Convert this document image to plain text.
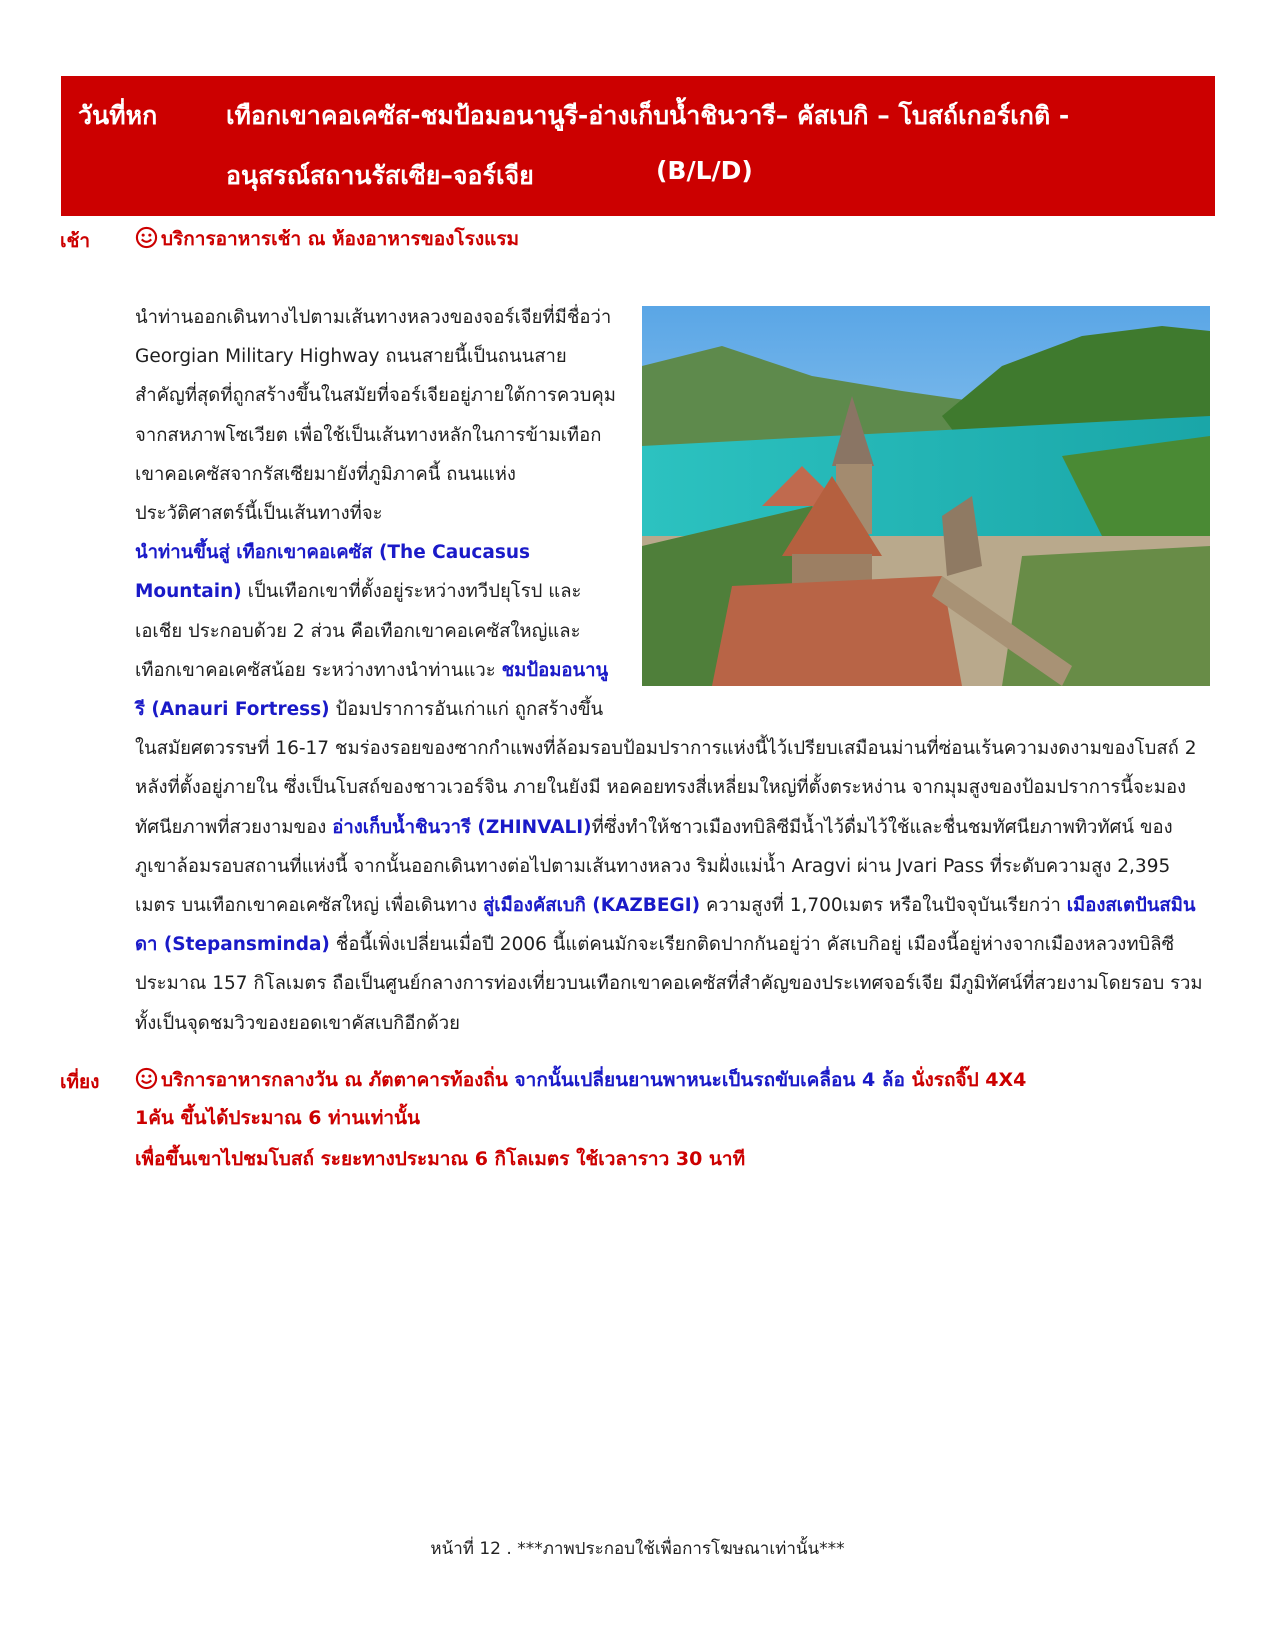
วันที่หก	เทือกเขาคอเคซัส-ชมป้อมอนานูรี-อ่างเก็บน้ำชินวารี– คัสเบกิ – โบสถ์เกอร์เกติ -
อนุสรณ์สถานรัสเซีย–จอร์เจีย	(B/L/D)
เช้า	บริการอาหารเช้า ณ ห้องอาหารของโรงแรม

นำท่านออกเดินทางไปตามเส้นทางหลวงของจอร์เจียที่มีชื่อว่า Georgian Military Highway ถนนสายนี้เป็นถนนสายสำคัญที่สุดที่ถูกสร้างขึ้นในสมัยที่จอร์เจียอยู่ภายใต้การควบคุมจากสหภาพโซเวียต เพื่อใช้เป็นเส้นทางหลักในการข้ามเทือกเขาคอเคซัสจากรัสเซียมายังที่ภูมิภาคนี้ ถนนแห่งประวัติศาสตร์นี้เป็นเส้นทางที่จะ
นำท่านขึ้นสู่ เทือกเขาคอเคซัส (The Caucasus Mountain) เป็นเทือกเขาที่ตั้งอยู่ระหว่างทวีปยุโรป และเอเชีย ประกอบด้วย 2 ส่วน คือเทือกเขาคอเคซัสใหญ่และเทือกเขาคอเคซัสน้อย ระหว่างทางนำท่านแวะ ชมป้อมอนานูรี (Anauri Fortress) ป้อมปราการอันเก่าแก่ ถูกสร้างขึ้นในสมัยศตวรรษที่ 16-17 ชมร่องรอยของซากกำแพงที่ล้อมรอบป้อมปราการแห่งนี้ไว้เปรียบเสมือนม่านที่ซ่อนเร้นความงดงามของโบสถ์ 2 หลังที่ตั้งอยู่ภายใน ซึ่งเป็นโบสถ์ของชาวเวอร์จิน ภายในยังมี หอคอยทรงสี่เหลี่ยมใหญ่ที่ตั้งตระหง่าน จากมุมสูงของป้อมปราการนี้จะมองทัศนียภาพที่สวยงามของ อ่างเก็บน้ำชินวารี (ZHINVALI)ที่ซึ่งทำให้ชาวเมืองทบิลิซีมีน้ำไว้ดื่มไว้ใช้และชื่นชมทัศนียภาพทิวทัศน์ ของภูเขาล้อมรอบสถานที่แห่งนี้ จากนั้นออกเดินทางต่อไปตามเส้นทางหลวง ริมฝั่งแม่น้ำ Aragvi ผ่าน Jvari Pass ที่ระดับความสูง 2,395 เมตร บนเทือกเขาคอเคซัสใหญ่ เพื่อเดินทาง สู่เมืองคัสเบกิ (KAZBEGI) ความสูงที่ 1,700เมตร หรือในปัจจุบันเรียกว่า เมืองสเตปันสมินดา (Stepansminda) ชื่อนี้เพิ่งเปลี่ยนเมื่อปี 2006 นี้แต่คนมักจะเรียกติดปากกันอยู่ว่า คัสเบกิอยู่ เมืองนี้อยู่ห่างจากเมืองหลวงทบิลิซี ประมาณ 157 กิโลเมตร ถือเป็นศูนย์กลางการท่องเที่ยวบนเทือกเขาคอเคซัสที่สำคัญของประเทศจอร์เจีย มีภูมิทัศน์ที่สวยงามโดยรอบ รวมทั้งเป็นจุดชมวิวของยอดเขาคัสเบกิอีกด้วย

เที่ยง	บริการอาหารกลางวัน ณ ภัตตาคารท้องถิ่น จากนั้นเปลี่ยนยานพาหนะเป็นรถขับเคลื่อน 4 ล้อ นั่งรถจิ๊ป 4X4
1คัน ขึ้นได้ประมาณ 6 ท่านเท่านั้น
เพื่อขึ้นเขาไปชมโบสถ์ ระยะทางประมาณ 6 กิโลเมตร ใช้เวลาราว 30 นาที
หน้าที่ 12 . ***ภาพประกอบใช้เพื่อการโฆษณาเท่านั้น***
